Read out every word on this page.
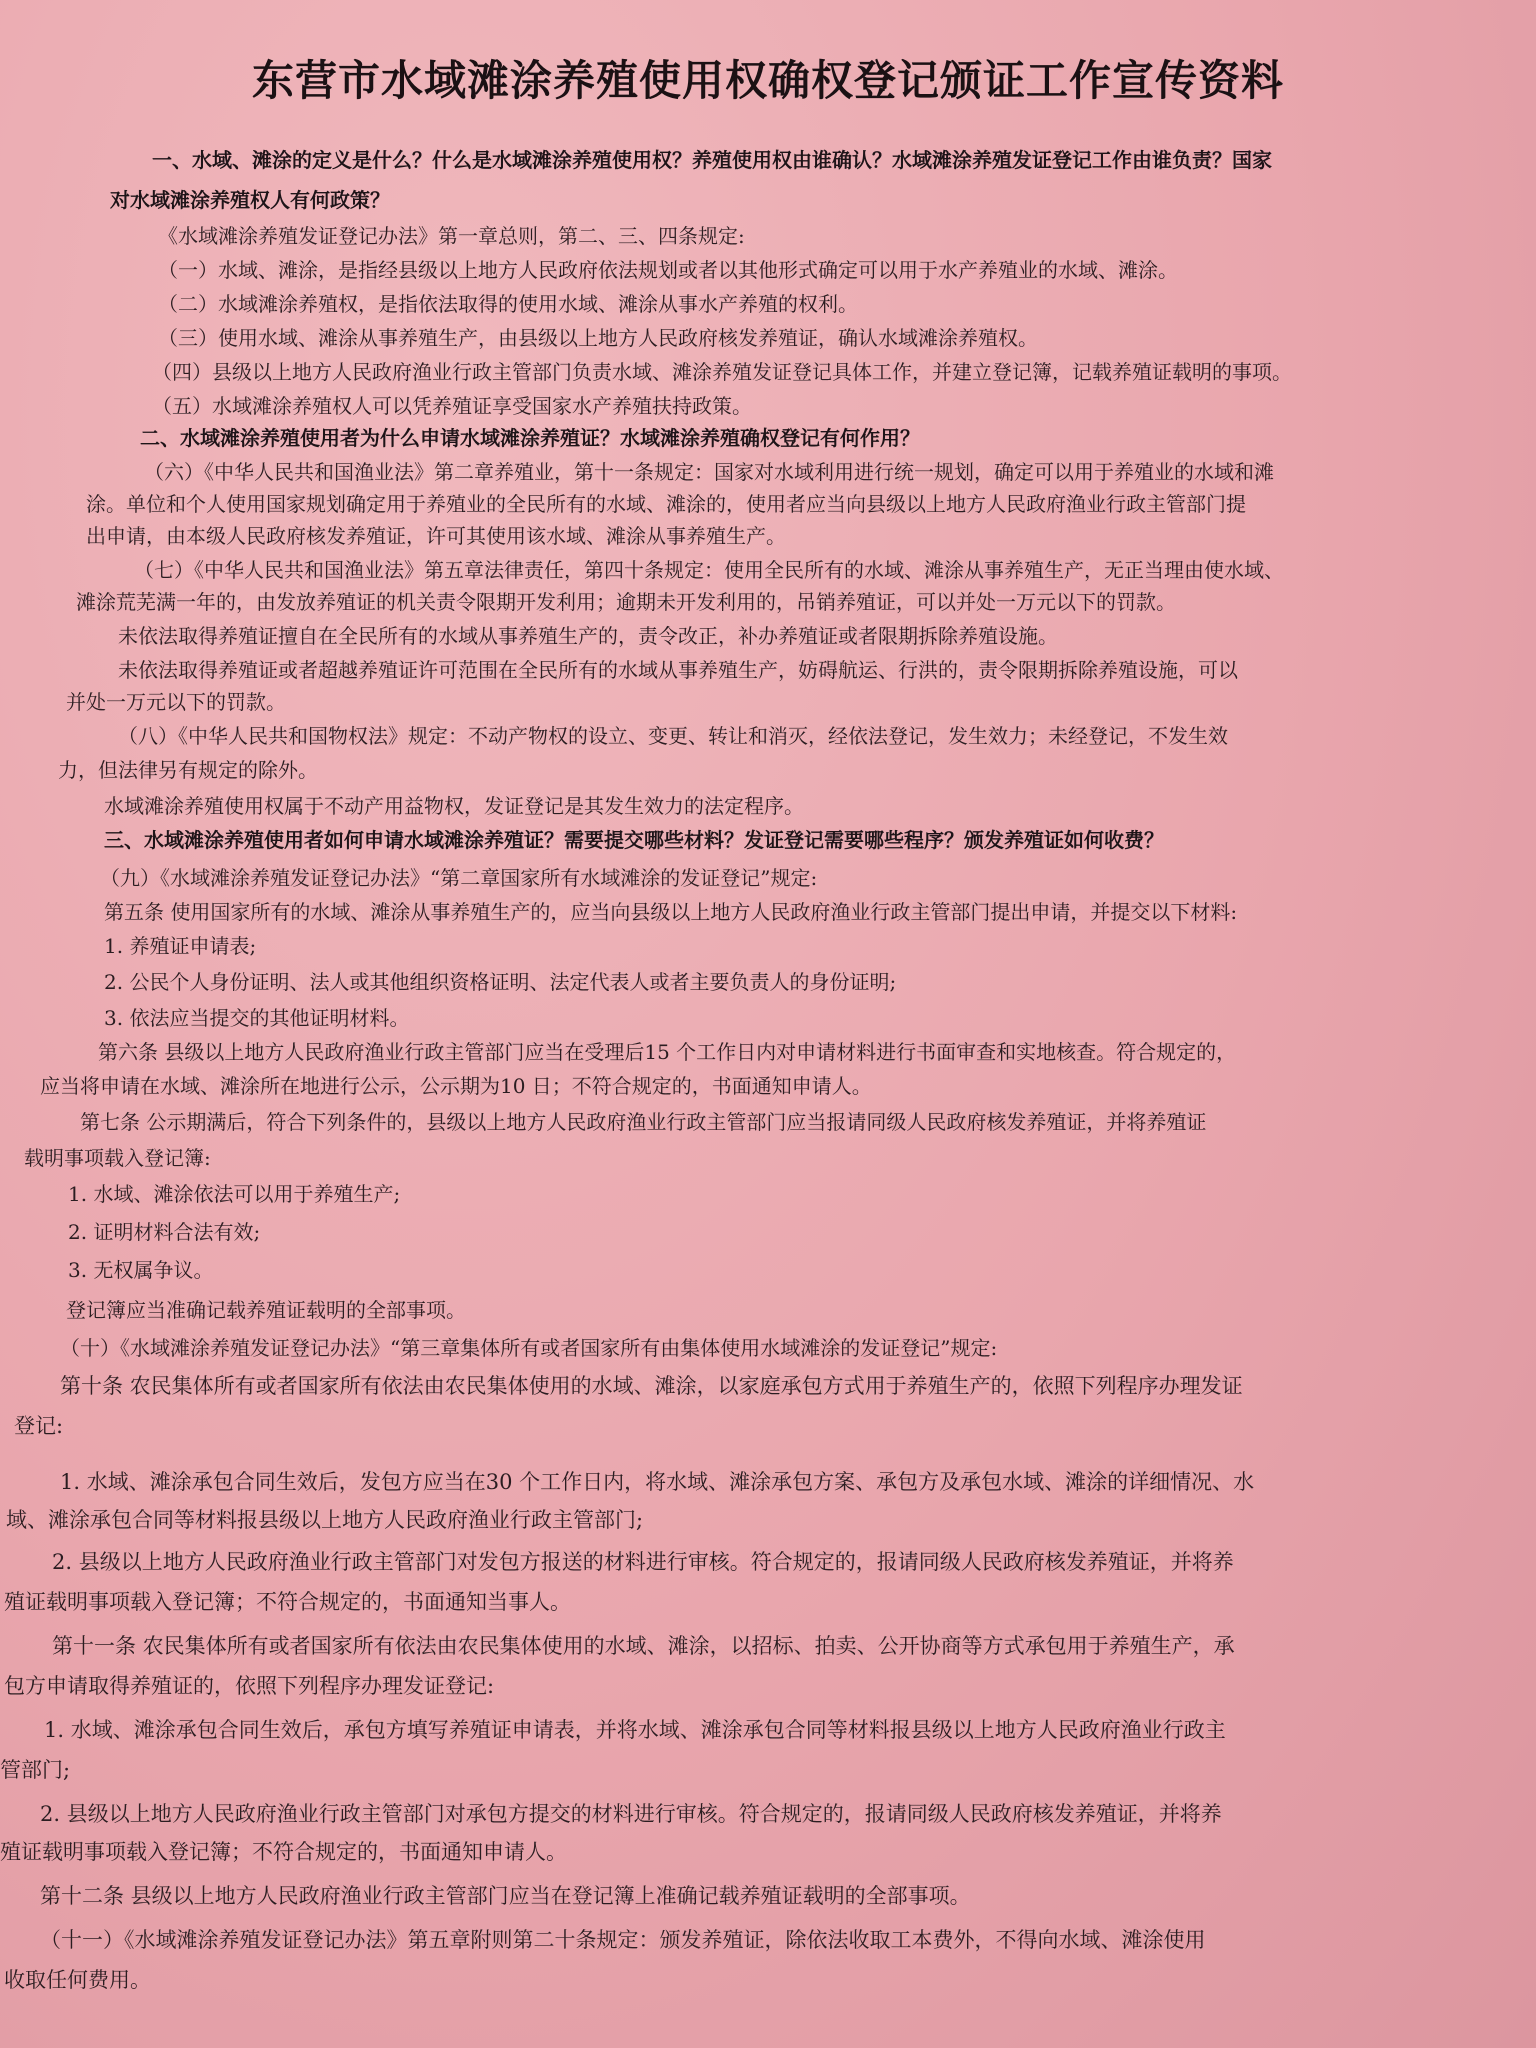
东营市水域滩涂养殖使用权确权登记颁证工作宣传资料
一、水域、滩涂的定义是什么？什么是水域滩涂养殖使用权？养殖使用权由谁确认？水域滩涂养殖发证登记工作由谁负责？国家
对水域滩涂养殖权人有何政策？
《水域滩涂养殖发证登记办法》第一章总则，第二、三、四条规定:
（一）水域、滩涂，是指经县级以上地方人民政府依法规划或者以其他形式确定可以用于水产养殖业的水域、滩涂。
（二）水域滩涂养殖权，是指依法取得的使用水域、滩涂从事水产养殖的权利。
（三）使用水域、滩涂从事养殖生产，由县级以上地方人民政府核发养殖证，确认水域滩涂养殖权。
（四）县级以上地方人民政府渔业行政主管部门负责水域、滩涂养殖发证登记具体工作，并建立登记簿，记载养殖证载明的事项。
（五）水域滩涂养殖权人可以凭养殖证享受国家水产养殖扶持政策。
二、水域滩涂养殖使用者为什么申请水域滩涂养殖证？水域滩涂养殖确权登记有何作用？
（六）《中华人民共和国渔业法》第二章养殖业，第十一条规定：国家对水域利用进行统一规划，确定可以用于养殖业的水域和滩
涂。单位和个人使用国家规划确定用于养殖业的全民所有的水域、滩涂的，使用者应当向县级以上地方人民政府渔业行政主管部门提
出申请，由本级人民政府核发养殖证，许可其使用该水域、滩涂从事养殖生产。
（七）《中华人民共和国渔业法》第五章法律责任，第四十条规定：使用全民所有的水域、滩涂从事养殖生产，无正当理由使水域、
滩涂荒芜满一年的，由发放养殖证的机关责令限期开发利用；逾期未开发利用的，吊销养殖证，可以并处一万元以下的罚款。
未依法取得养殖证擅自在全民所有的水域从事养殖生产的，责令改正，补办养殖证或者限期拆除养殖设施。
未依法取得养殖证或者超越养殖证许可范围在全民所有的水域从事养殖生产，妨碍航运、行洪的，责令限期拆除养殖设施，可以
并处一万元以下的罚款。
（八）《中华人民共和国物权法》规定：不动产物权的设立、变更、转让和消灭，经依法登记，发生效力；未经登记，不发生效
力，但法律另有规定的除外。
水域滩涂养殖使用权属于不动产用益物权，发证登记是其发生效力的法定程序。
三、水域滩涂养殖使用者如何申请水域滩涂养殖证？需要提交哪些材料？发证登记需要哪些程序？颁发养殖证如何收费？
（九）《水域滩涂养殖发证登记办法》“第二章国家所有水域滩涂的发证登记”规定:
第五条 使用国家所有的水域、滩涂从事养殖生产的，应当向县级以上地方人民政府渔业行政主管部门提出申请，并提交以下材料:
1. 养殖证申请表;
2. 公民个人身份证明、法人或其他组织资格证明、法定代表人或者主要负责人的身份证明;
3. 依法应当提交的其他证明材料。
第六条 县级以上地方人民政府渔业行政主管部门应当在受理后15 个工作日内对申请材料进行书面审查和实地核查。符合规定的，
应当将申请在水域、滩涂所在地进行公示，公示期为10 日；不符合规定的，书面通知申请人。
第七条 公示期满后，符合下列条件的，县级以上地方人民政府渔业行政主管部门应当报请同级人民政府核发养殖证，并将养殖证
载明事项载入登记簿:
1. 水域、滩涂依法可以用于养殖生产;
2. 证明材料合法有效;
3. 无权属争议。
登记簿应当准确记载养殖证载明的全部事项。
（十）《水域滩涂养殖发证登记办法》“第三章集体所有或者国家所有由集体使用水域滩涂的发证登记”规定:
第十条 农民集体所有或者国家所有依法由农民集体使用的水域、滩涂，以家庭承包方式用于养殖生产的，依照下列程序办理发证
登记:
1. 水域、滩涂承包合同生效后，发包方应当在30 个工作日内，将水域、滩涂承包方案、承包方及承包水域、滩涂的详细情况、水
域、滩涂承包合同等材料报县级以上地方人民政府渔业行政主管部门;
2. 县级以上地方人民政府渔业行政主管部门对发包方报送的材料进行审核。符合规定的，报请同级人民政府核发养殖证，并将养
殖证载明事项载入登记簿；不符合规定的，书面通知当事人。
第十一条 农民集体所有或者国家所有依法由农民集体使用的水域、滩涂，以招标、拍卖、公开协商等方式承包用于养殖生产，承
包方申请取得养殖证的，依照下列程序办理发证登记:
1. 水域、滩涂承包合同生效后，承包方填写养殖证申请表，并将水域、滩涂承包合同等材料报县级以上地方人民政府渔业行政主
管部门;
2. 县级以上地方人民政府渔业行政主管部门对承包方提交的材料进行审核。符合规定的，报请同级人民政府核发养殖证，并将养
殖证载明事项载入登记簿；不符合规定的，书面通知申请人。
第十二条 县级以上地方人民政府渔业行政主管部门应当在登记簿上准确记载养殖证载明的全部事项。
（十一）《水域滩涂养殖发证登记办法》第五章附则第二十条规定：颁发养殖证，除依法收取工本费外，不得向水域、滩涂使用
收取任何费用。
